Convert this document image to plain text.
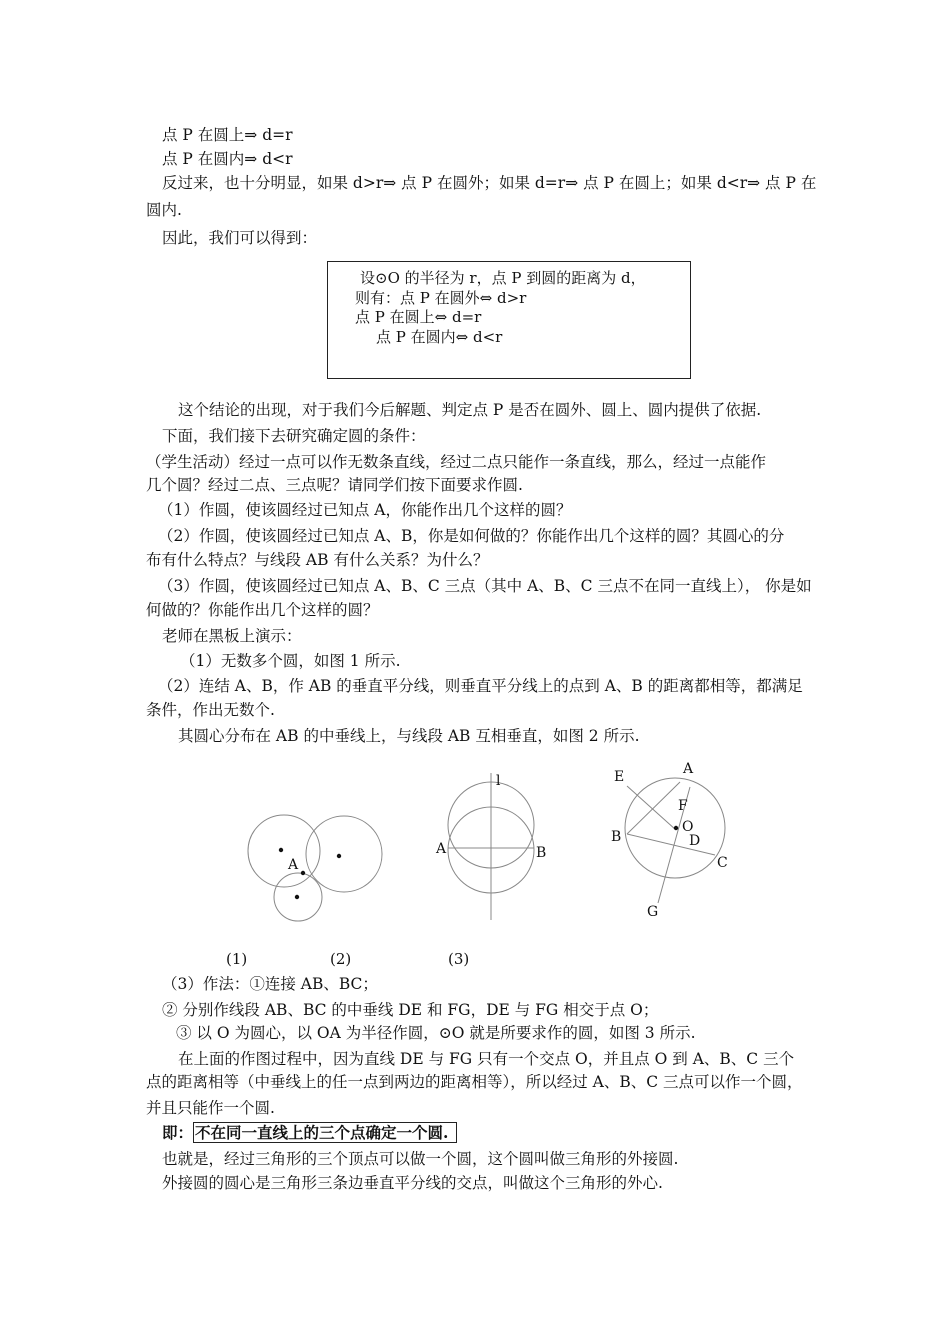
点 P 在圆上⇒ d=r
点 P 在圆内⇒ d<r
反过来，也十分明显，如果 d>r⇒ 点 P 在圆外；如果 d=r⇒ 点 P 在圆上；如果 d<r⇒ 点 P 在
圆内.
因此，我们可以得到：
设⊙O 的半径为 r，点 P 到圆的距离为 d，
则有：点 P 在圆外⇔ d>r
点 P 在圆上⇔ d=r
点 P 在圆内⇔ d<r
这个结论的出现，对于我们今后解题、判定点 P 是否在圆外、圆上、圆内提供了依据.
下面，我们接下去研究确定圆的条件：
（学生活动）经过一点可以作无数条直线，经过二点只能作一条直线，那么，经过一点能作
几个圆？经过二点、三点呢？请同学们按下面要求作圆.
（1）作圆，使该圆经过已知点 A，你能作出几个这样的圆？
（2）作圆，使该圆经过已知点 A、B，你是如何做的？你能作出几个这样的圆？其圆心的分
布有什么特点？与线段 AB 有什么关系？为什么？
（3）作圆，使该圆经过已知点 A、B、C 三点（其中 A、B、C 三点不在同一直线上）， 你是如
何做的？你能作出几个这样的圆？
老师在黑板上演示：
（1）无数多个圆，如图 1 所示.
（2）连结 A、B，作 AB 的垂直平分线，则垂直平分线上的点到 A、B 的距离都相等，都满足
条件，作出无数个.
其圆心分布在 AB 的中垂线上，与线段 AB 互相垂直，如图 2 所示.
A
l
A	B
E	A
F
O
B	D
C
G
(1)	(2)	(3)
（3）作法：①连接 AB、BC；
② 分别作线段 AB、BC 的中垂线 DE 和 FG，DE 与 FG 相交于点 O；
③ 以 O 为圆心，以 OA 为半径作圆，⊙O 就是所要求作的圆，如图 3 所示.
在上面的作图过程中，因为直线 DE 与 FG 只有一个交点 O，并且点 O 到 A、B、C 三个
点的距离相等（中垂线上的任一点到两边的距离相等），所以经过 A、B、C 三点可以作一个圆，
并且只能作一个圆.
即： 不在同一直线上的三个点确定一个圆.
也就是，经过三角形的三个顶点可以做一个圆，这个圆叫做三角形的外接圆.
外接圆的圆心是三角形三条边垂直平分线的交点，叫做这个三角形的外心.
